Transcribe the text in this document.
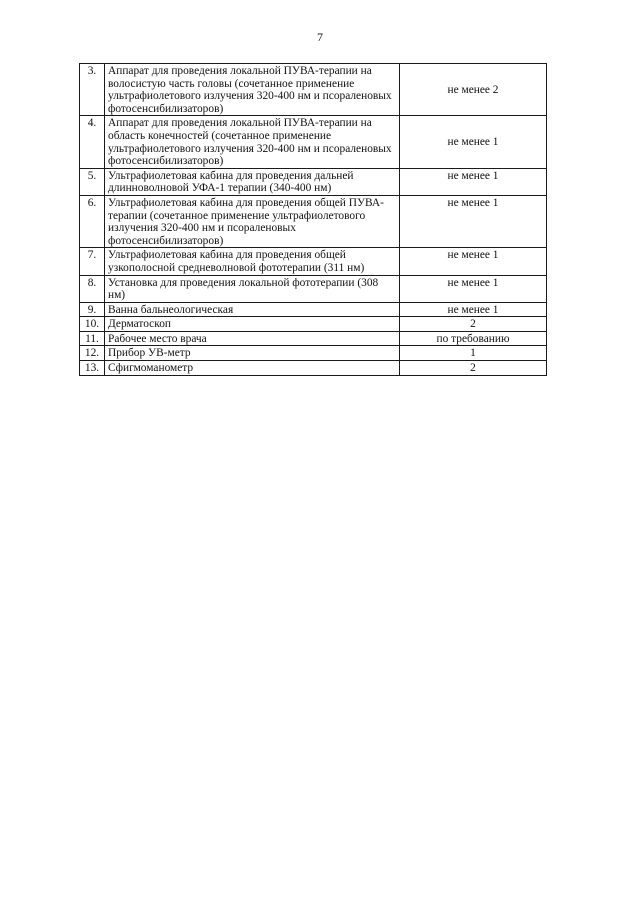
7
3.	Аппарат для проведения локальной ПУВА-терапии на волосистую часть головы (сочетанное применение ультрафиолетового излучения 320-400 нм и псораленовых фотосенсибилизаторов)	не менее 2
4.	Аппарат для проведения локальной ПУВА-терапии на область конечностей (сочетанное применение ультрафиолетового излучения 320-400 нм и псораленовых фотосенсибилизаторов)	не менее 1
5.	Ультрафиолетовая кабина для проведения дальней длинноволновой УФА-1 терапии (340-400 нм)	не менее 1
6.	Ультрафиолетовая кабина для проведения общей ПУВА- терапии (сочетанное применение ультрафиолетового излучения 320-400 нм и псораленовых фотосенсибилизаторов)	не менее 1
7.	Ультрафиолетовая кабина для проведения общей узкополосной средневолновой фототерапии (311 нм)	не менее 1
8.	Установка для проведения локальной фототерапии (308 нм)	не менее 1
9.	Ванна бальнеологическая	не менее 1
10.	Дерматоскоп	2
11.	Рабочее место врача	по требованию
12.	Прибор УВ-метр	1
13.	Сфигмоманометр	2
